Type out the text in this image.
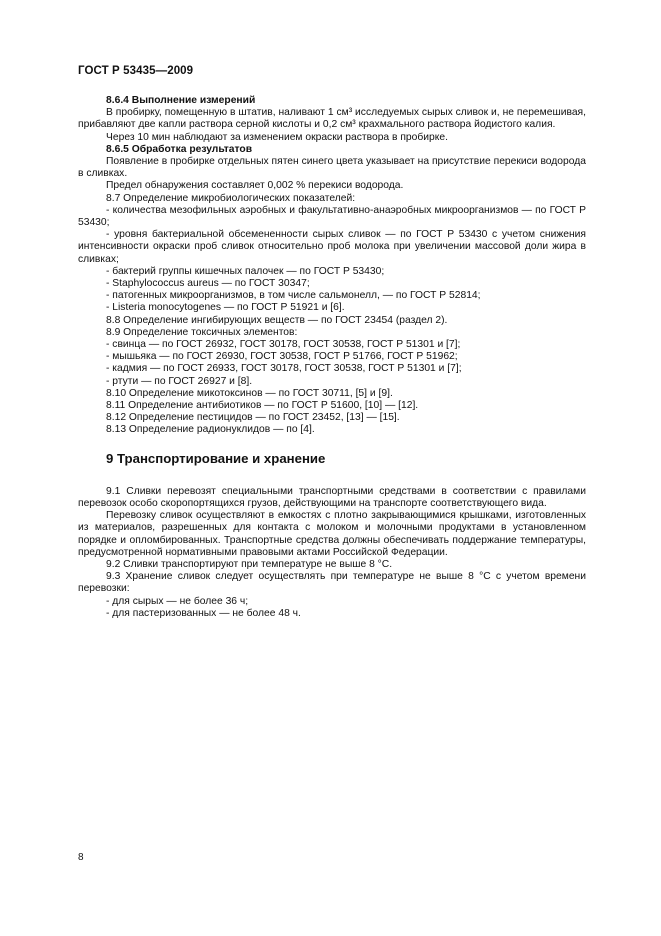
ГОСТ Р 53435—2009

8.6.4 Выполнение измерений

В пробирку, помещенную в штатив, наливают 1 см³ исследуемых сырых сливок и, не перемешивая, прибавляют две капли раствора серной кислоты и 0,2 см³ крахмального раствора йодистого калия.

Через 10 мин наблюдают за изменением окраски раствора в пробирке.

8.6.5 Обработка результатов

Появление в пробирке отдельных пятен синего цвета указывает на присутствие перекиси водорода в сливках.

Предел обнаружения составляет 0,002 % перекиси водорода.

8.7 Определение микробиологических показателей:

- количества мезофильных аэробных и факультативно-анаэробных микроорганизмов — по ГОСТ Р 53430;

- уровня бактериальной обсемененности сырых сливок — по ГОСТ Р 53430 с учетом снижения интенсивности окраски проб сливок относительно проб молока при увеличении массовой доли жира в сливках;

- бактерий группы кишечных палочек — по ГОСТ Р 53430;

- Staphylococcus aureus — по ГОСТ 30347;

- патогенных микроорганизмов, в том числе сальмонелл, — по ГОСТ Р 52814;

- Listeria monocytogenes — по ГОСТ Р 51921 и [6].

8.8 Определение ингибирующих веществ — по ГОСТ 23454 (раздел 2).

8.9 Определение токсичных элементов:

- свинца — по ГОСТ 26932, ГОСТ 30178, ГОСТ 30538, ГОСТ Р 51301 и [7];

- мышьяка — по ГОСТ 26930, ГОСТ 30538, ГОСТ Р 51766, ГОСТ Р 51962;

- кадмия — по ГОСТ 26933, ГОСТ 30178, ГОСТ 30538, ГОСТ Р 51301 и [7];

- ртути — по ГОСТ 26927 и [8].

8.10 Определение микотоксинов — по ГОСТ 30711, [5] и [9].

8.11 Определение антибиотиков — по ГОСТ Р 51600, [10] — [12].

8.12 Определение пестицидов — по ГОСТ 23452, [13] — [15].

8.13 Определение радионуклидов — по [4].

9 Транспортирование и хранение

9.1 Сливки перевозят специальными транспортными средствами в соответствии с правилами перевозок особо скоропортящихся грузов, действующими на транспорте соответствующего вида.

Перевозку сливок осуществляют в емкостях с плотно закрывающимися крышками, изготовленных из материалов, разрешенных для контакта с молоком и молочными продуктами в установленном порядке и опломбированных. Транспортные средства должны обеспечивать поддержание температуры, предусмотренной нормативными правовыми актами Российской Федерации.

9.2 Сливки транспортируют при температуре не выше 8 °С.

9.3 Хранение сливок следует осуществлять при температуре не выше 8 °С с учетом времени перевозки:

- для сырых — не более 36 ч;

- для пастеризованных — не более 48 ч.

8
